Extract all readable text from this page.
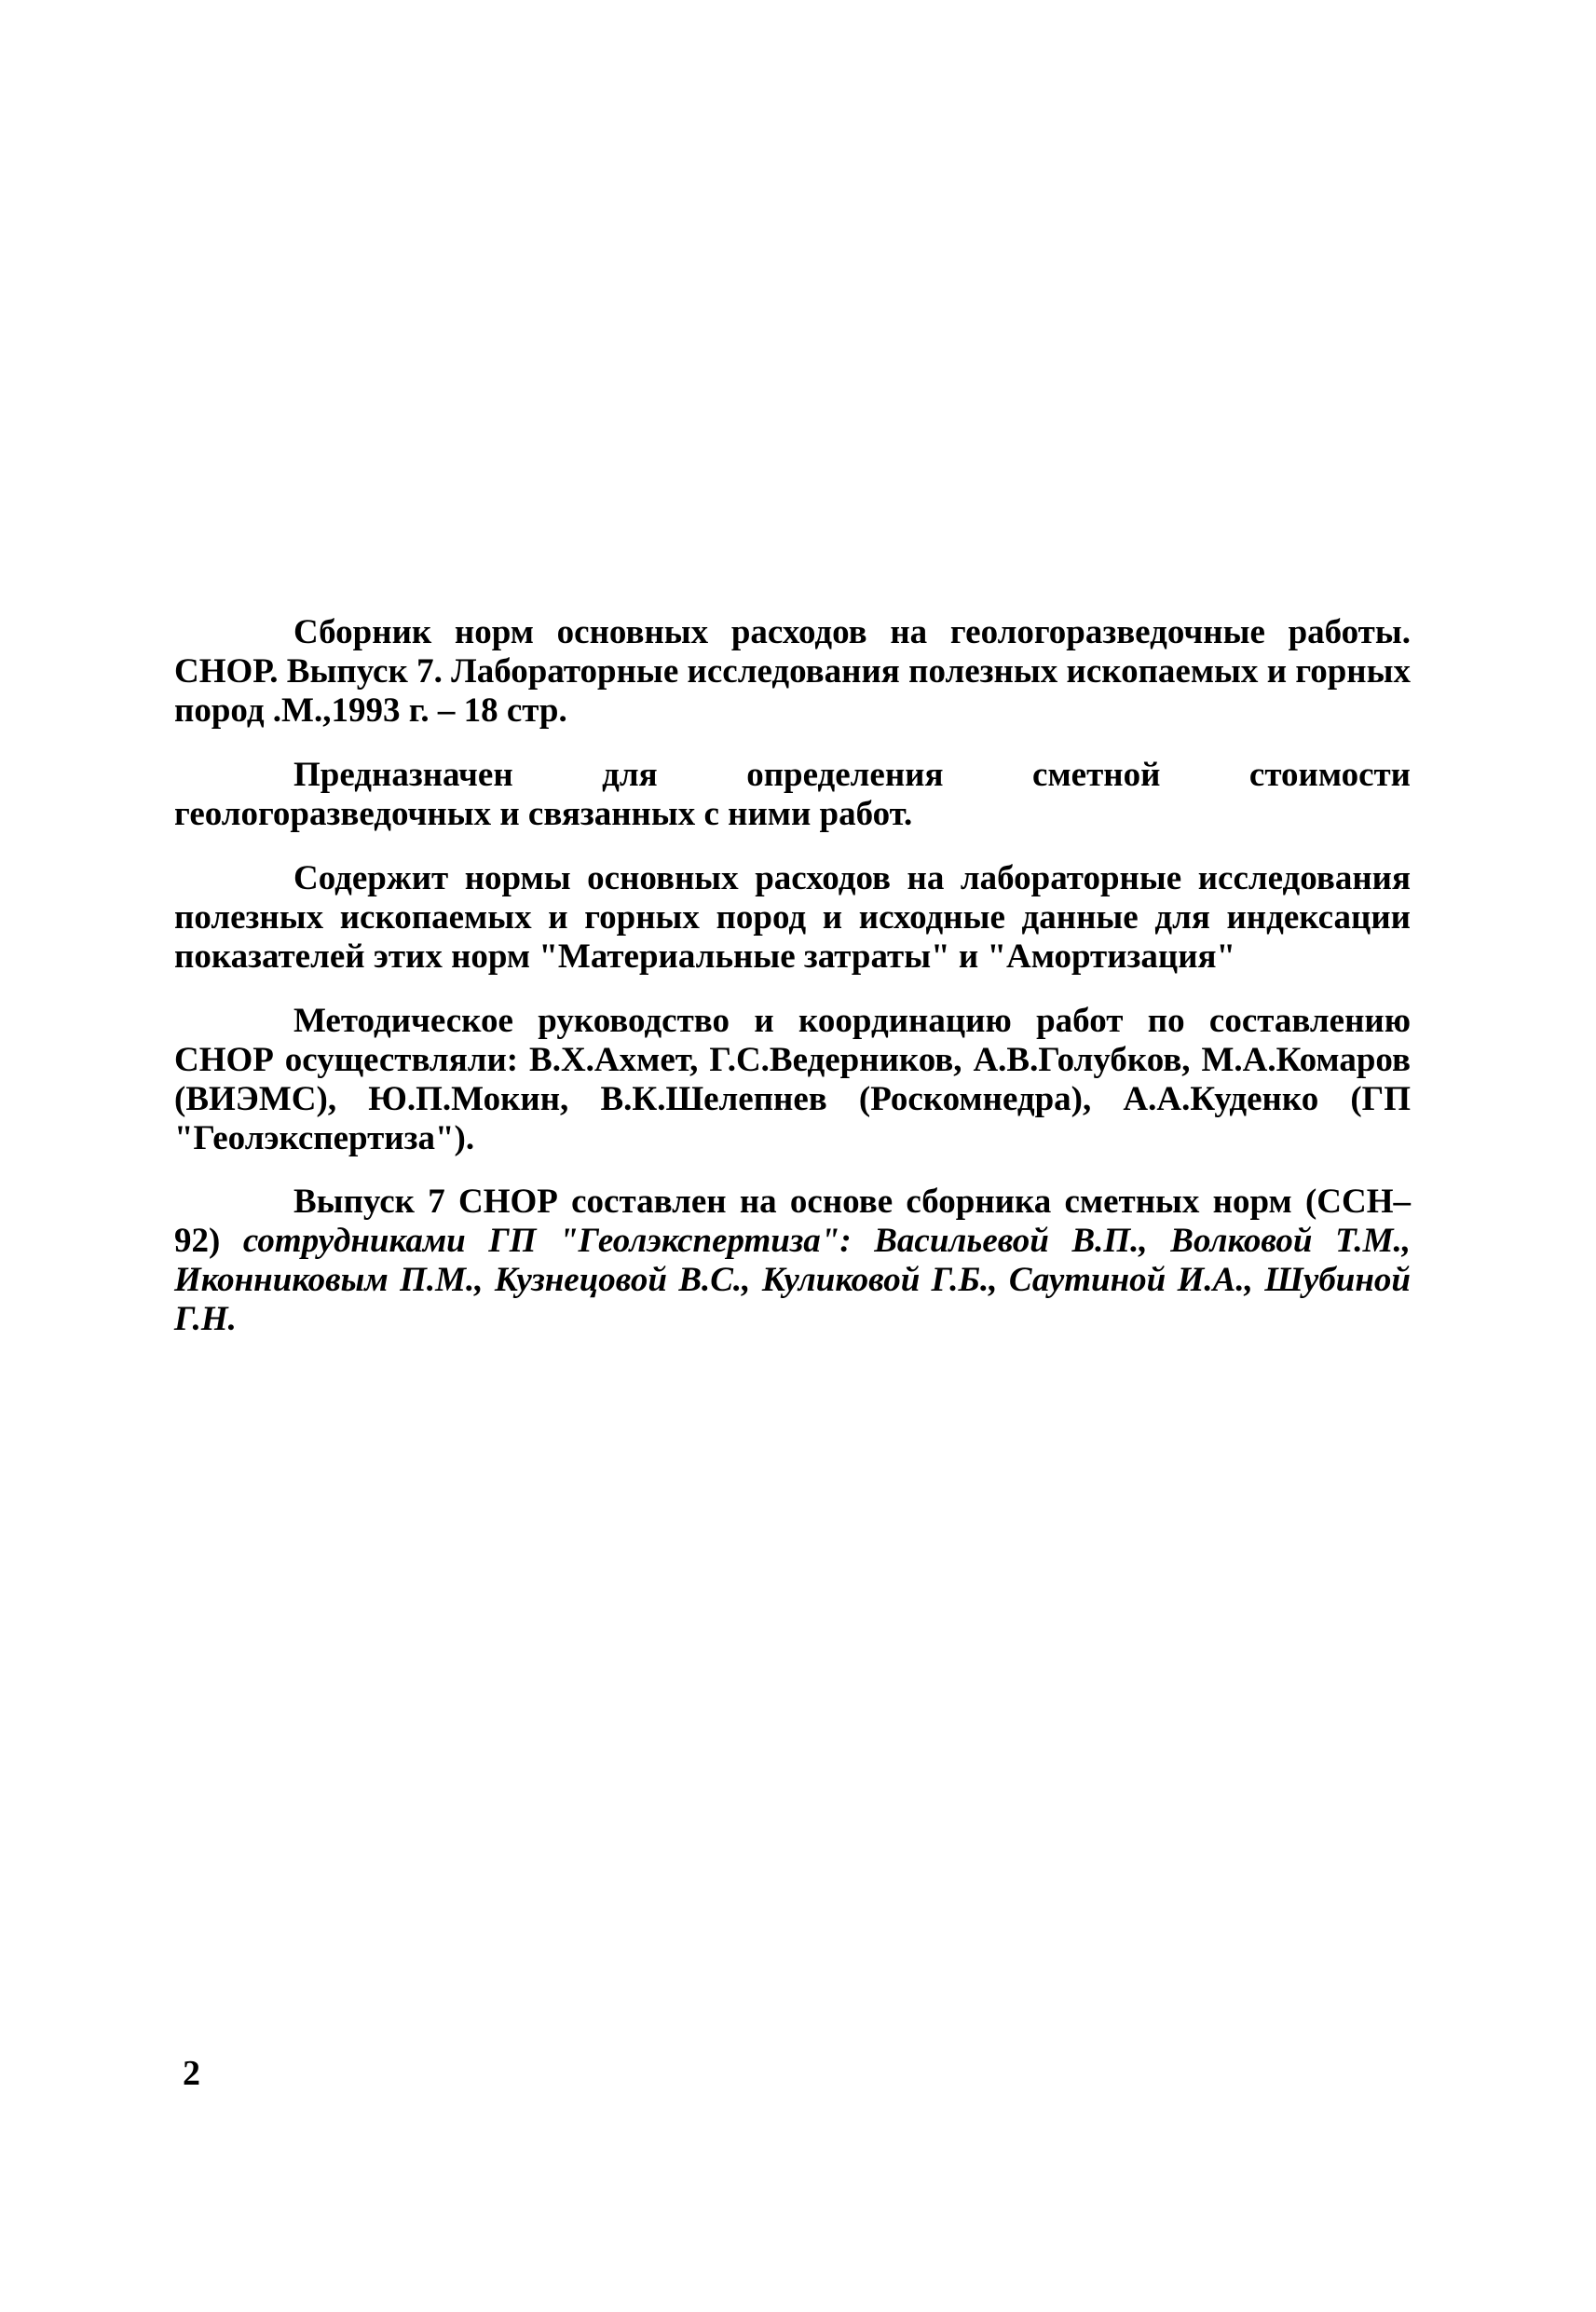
Сборник норм основных расходов на геологоразведочные работы. СНОР. Выпуск 7. Лабораторные исследования полезных ископаемых и горных пород .М.,1993 г. – 18 стр.

Предназначен для определения сметной стоимости геологоразведочных и связанных с ними работ.

Содержит нормы основных расходов на лабораторные исследования полезных ископаемых и горных пород и исходные данные для индексации показателей этих норм "Материальные затраты" и "Амортизация"

Методическое руководство и координацию работ по составлению СНОР осуществляли: В.Х.Ахмет, Г.С.Ведерников, А.В.Голубков, М.А.Комаров (ВИЭМС), Ю.П.Мокин, В.К.Шелепнев (Роскомнедра), А.А.Куденко (ГП "Геолэкспертиза").

Выпуск 7 СНОР составлен на основе сборника сметных норм (ССН–92) сотрудниками ГП "Геолэкспертиза": Васильевой В.П., Волковой Т.М., Иконниковым П.М., Кузнецовой В.С., Куликовой Г.Б., Саутиной И.А., Шубиной Г.Н.

2
